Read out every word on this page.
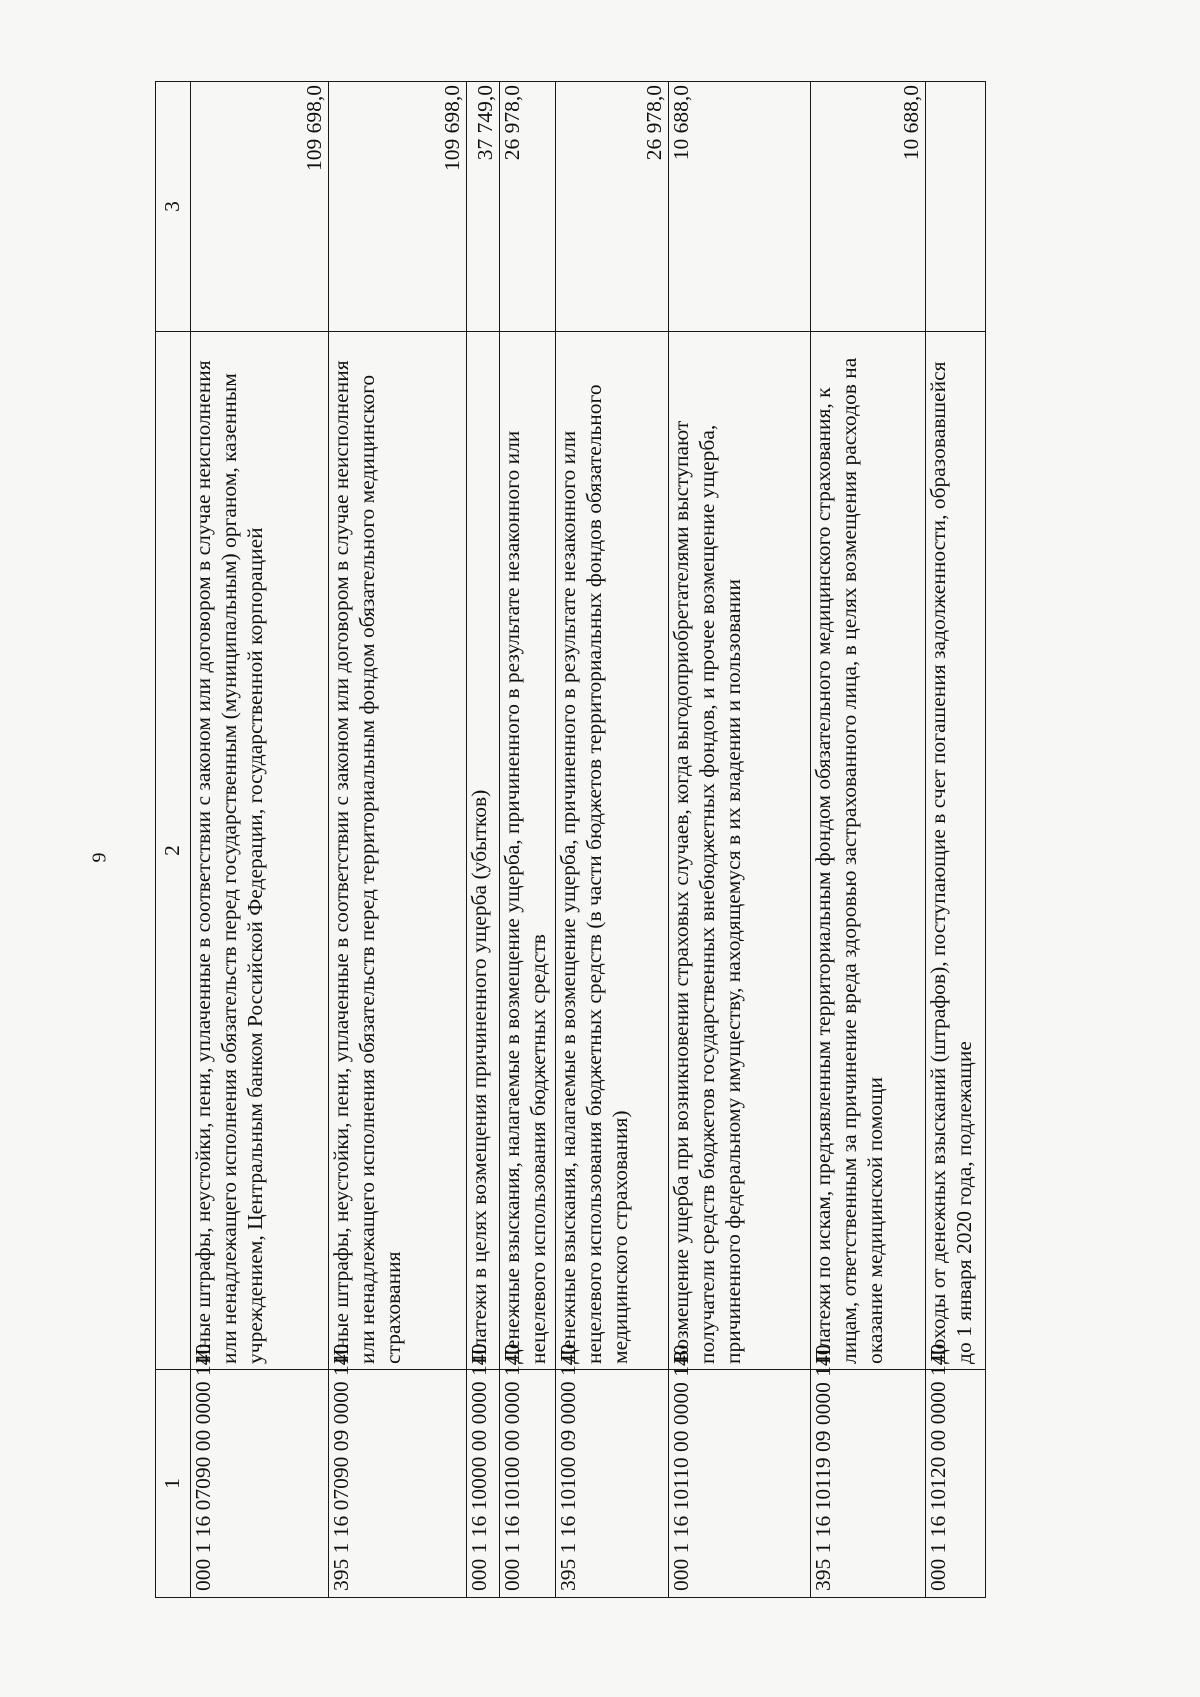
9
1	2	3
000 1 16 07090 00 0000 140	Иные штрафы, неустойки, пени, уплаченные в соответствии с законом или договором в случае неисполнения или ненадлежащего исполнения обязательств перед государственным (муниципальным) органом, казенным учреждением, Центральным банком Российской Федерации, государственной корпорацией	109 698,0
395 1 16 07090 09 0000 140	Иные штрафы, неустойки, пени, уплаченные в соответствии с законом или договором в случае неисполнения или ненадлежащего исполнения обязательств перед территориальным фондом обязательного медицинского страхования	109 698,0
000 1 16 10000 00 0000 140	Платежи в целях возмещения причиненного ущерба (убытков)	37 749,0
000 1 16 10100 00 0000 140	Денежные взыскания, налагаемые в возмещение ущерба, причиненного в результате незаконного или нецелевого использования бюджетных средств	26 978,0
395 1 16 10100 09 0000 140	Денежные взыскания, налагаемые в возмещение ущерба, причиненного в результате незаконного или нецелевого использования бюджетных средств (в части бюджетов территориальных фондов обязательного медицинского страхования)	26 978,0
000 1 16 10110 00 0000 140	Возмещение ущерба при возникновении страховых случаев, когда выгодоприобретателями выступают получатели средств бюджетов государственных внебюджетных фондов, и прочее возмещение ущерба, причиненного федеральному имуществу, находящемуся в их владении и пользовании	10 688,0
395 1 16 10119 09 0000 140	Платежи по искам, предъявленным территориальным фондом обязательного медицинского страхования, к лицам, ответственным за причинение вреда здоровью застрахованного лица, в целях возмещения расходов на оказание медицинской помощи	10 688,0
000 1 16 10120 00 0000 140	Доходы от денежных взысканий (штрафов), поступающие в счет погашения задолженности, образовавшейся до 1 января 2020 года, подлежащие	
